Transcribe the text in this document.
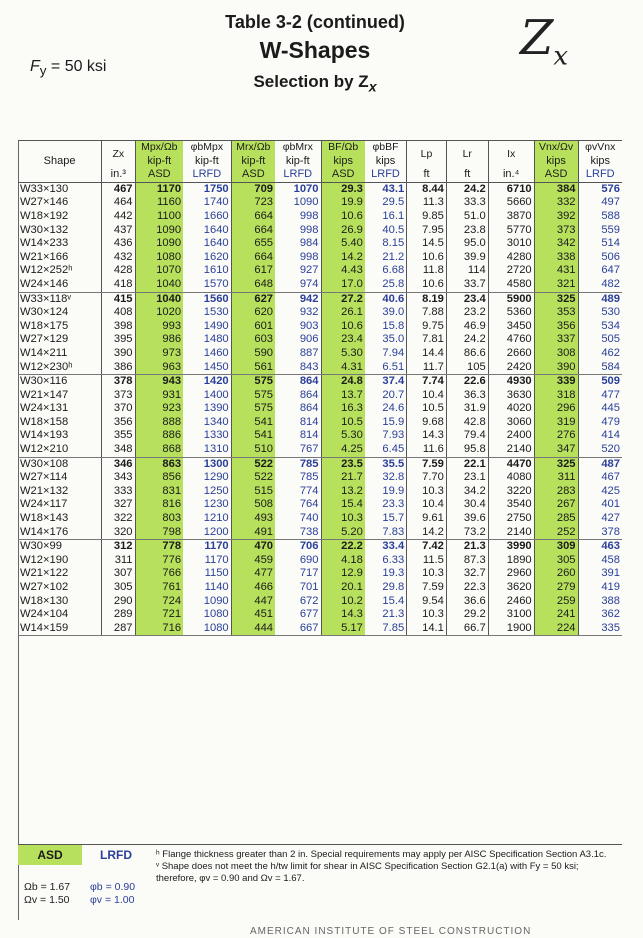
$F_y = 50$ ksi
Table 3-2 (continued)
W-Shapes
Selection by $Z_x$
$Z_x$
Shape	Zx	Mpx/Ωb	φbMpx	Mrx/Ωb	φbMrx	BF/Ωb	φbBF	Lp	Lr	Ix	Vnx/Ωv	φvVnx
		kip-ft	kip-ft	kip-ft	kip-ft	kips	kips				kips	kips
	in.³	ASD	LRFD	ASD	LRFD	ASD	LRFD	ft	ft	in.⁴	ASD	LRFD
W33×130	467	1170	1750	709	1070	29.3	43.1	8.44	24.2	6710	384	576
W27×146	464	1160	1740	723	1090	19.9	29.5	11.3	33.3	5660	332	497
W18×192	442	1100	1660	664	998	10.6	16.1	9.85	51.0	3870	392	588
W30×132	437	1090	1640	664	998	26.9	40.5	7.95	23.8	5770	373	559
W14×233	436	1090	1640	655	984	5.40	8.15	14.5	95.0	3010	342	514
W21×166	432	1080	1620	664	998	14.2	21.2	10.6	39.9	4280	338	506
W12×252ʰ	428	1070	1610	617	927	4.43	6.68	11.8	114	2720	431	647
W24×146	418	1040	1570	648	974	17.0	25.8	10.6	33.7	4580	321	482
W33×118ᵛ	415	1040	1560	627	942	27.2	40.6	8.19	23.4	5900	325	489
W30×124	408	1020	1530	620	932	26.1	39.0	7.88	23.2	5360	353	530
W18×175	398	993	1490	601	903	10.6	15.8	9.75	46.9	3450	356	534
W27×129	395	986	1480	603	906	23.4	35.0	7.81	24.2	4760	337	505
W14×211	390	973	1460	590	887	5.30	7.94	14.4	86.6	2660	308	462
W12×230ʰ	386	963	1450	561	843	4.31	6.51	11.7	105	2420	390	584
W30×116	378	943	1420	575	864	24.8	37.4	7.74	22.6	4930	339	509
W21×147	373	931	1400	575	864	13.7	20.7	10.4	36.3	3630	318	477
W24×131	370	923	1390	575	864	16.3	24.6	10.5	31.9	4020	296	445
W18×158	356	888	1340	541	814	10.5	15.9	9.68	42.8	3060	319	479
W14×193	355	886	1330	541	814	5.30	7.93	14.3	79.4	2400	276	414
W12×210	348	868	1310	510	767	4.25	6.45	11.6	95.8	2140	347	520
W30×108	346	863	1300	522	785	23.5	35.5	7.59	22.1	4470	325	487
W27×114	343	856	1290	522	785	21.7	32.8	7.70	23.1	4080	311	467
W21×132	333	831	1250	515	774	13.2	19.9	10.3	34.2	3220	283	425
W24×117	327	816	1230	508	764	15.4	23.3	10.4	30.4	3540	267	401
W18×143	322	803	1210	493	740	10.3	15.7	9.61	39.6	2750	285	427
W14×176	320	798	1200	491	738	5.20	7.83	14.2	73.2	2140	252	378
W30×99	312	778	1170	470	706	22.2	33.4	7.42	21.3	3990	309	463
W12×190	311	776	1170	459	690	4.18	6.33	11.5	87.3	1890	305	458
W21×122	307	766	1150	477	717	12.9	19.3	10.3	32.7	2960	260	391
W27×102	305	761	1140	466	701	20.1	29.8	7.59	22.3	3620	279	419
W18×130	290	724	1090	447	672	10.2	15.4	9.54	36.6	2460	259	388
W24×104	289	721	1080	451	677	14.3	21.3	10.3	29.2	3100	241	362
W14×159	287	716	1080	444	667	5.17	7.85	14.1	66.7	1900	224	335
ASD	LRFD
Ωb = 1.67
Ωv = 1.50
φb = 0.90
φv = 1.00
ʰ Flange thickness greater than 2 in. Special requirements may apply per AISC Specification Section A3.1c.
ᵛ Shape does not meet the h/tw limit for shear in AISC Specification Section G2.1(a) with Fy = 50 ksi; therefore, φv = 0.90 and Ωv = 1.67.
AMERICAN INSTITUTE OF STEEL CONSTRUCTION
